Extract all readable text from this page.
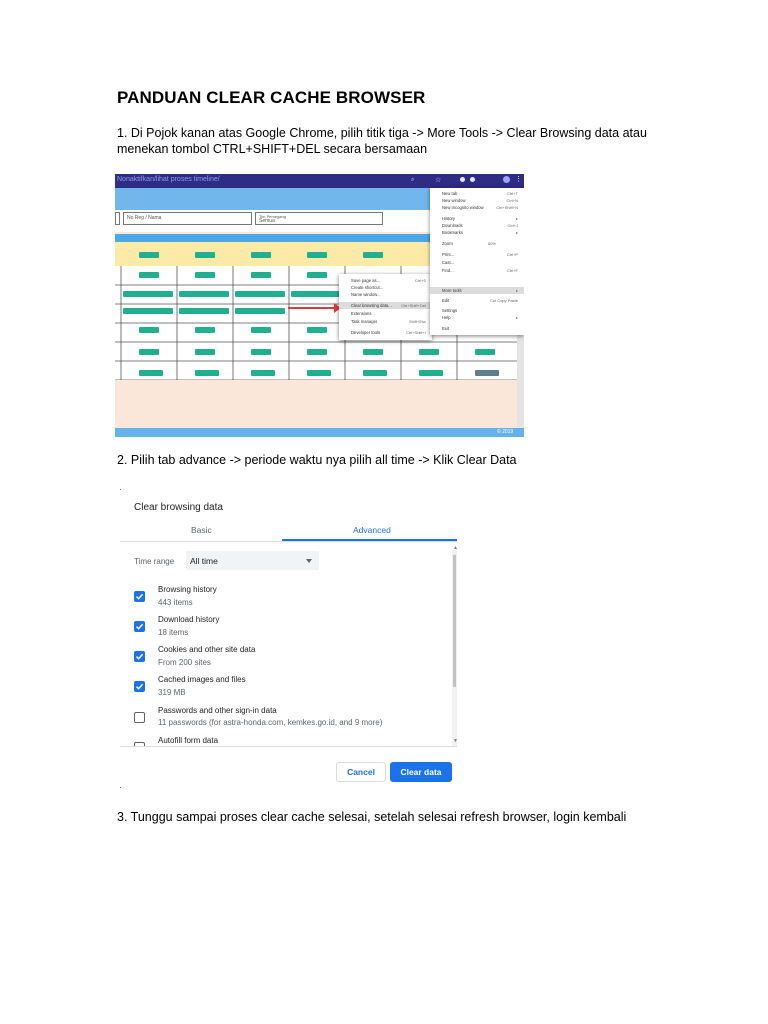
PANDUAN CLEAR CACHE BROWSER
1. Di Pojok kanan atas Google Chrome, pilih titik tiga -> More Tools -> Clear Browsing data atau menekan tombol CTRL+SHIFT+DEL secara bersamaan
Nonaktifkan/lihat proses timeline/	⌕	☆	⋮
No Reg / Nama	Tim Pemegang
Semua
© 2019
Save page as...	Ctrl+S
Create shortcut...
Name window...
Clear browsing data... Ctrl+Shift+Del
Extensions
Task manager	Shift+Esc
Developer tools	Ctrl+Shift+I
New tab	Ctrl+T
New window	Ctrl+N
New Incognito window	Ctrl+Shift+N
History	▸
Downloads	Ctrl+J
Bookmarks	▸
Zoom	80%
Print...	Ctrl+P
Cast...
Find...	Ctrl+F
More tools	▸
Edit	Cut Copy Paste
Settings
Help	▸
Exit
2. Pilih tab advance -> periode waktu nya pilih all time -> Klik Clear Data
·
Clear browsing data
Basic	Advanced
Time range	All time
Browsing history
443 items
Download history
18 items
Cookies and other site data
From 200 sites
Cached images and files
319 MB
Passwords and other sign-in data
11 passwords (for astra-honda.com, kemkes.go.id, and 9 more)
Autofill form data
▲
▼
Cancel	Clear data
·
3. Tunggu sampai proses clear cache selesai, setelah selesai refresh browser, login kembali
